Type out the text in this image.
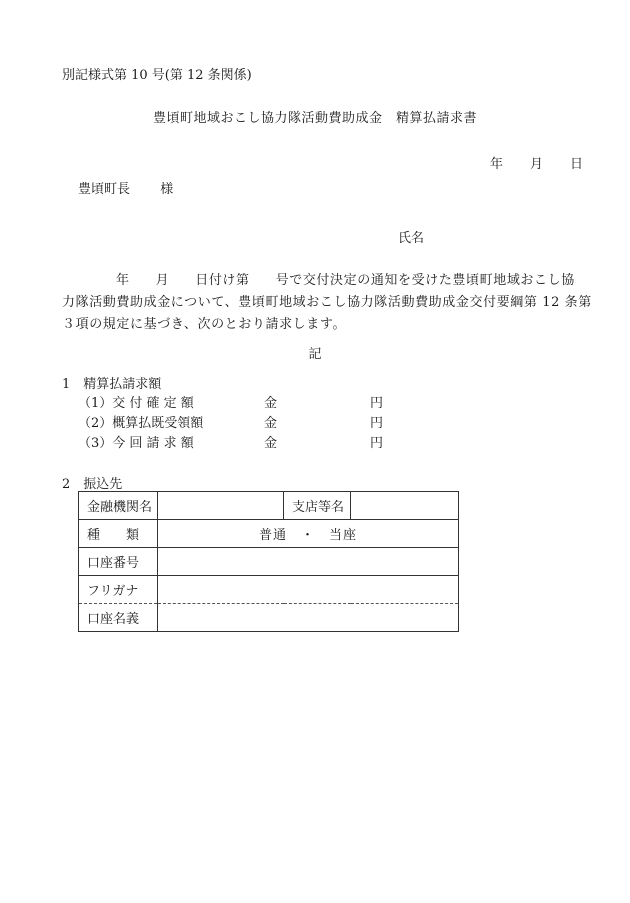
別記様式第 10 号(第 12 条関係)
豊頃町地域おこし協力隊活動費助成金　精算払請求書
年 月 日
豊頃町長 様
氏名
年 月 日付け第 号で交付決定の通知を受けた豊頃町地域おこし協
力隊活動費助成金について、豊頃町地域おこし協力隊活動費助成金交付要綱第 12 条第
３項の規定に基づき、次のとおり請求します。
記
1　精算払請求額
（1）交 付 確 定 額	金	円
（2）概算払既受領額	金	円
（3）今 回 請 求 額	金	円
2　振込先
金融機関名		支店等名	
種　　類	普通　・　当座		
口座番号			
フリガナ			
口座名義			
